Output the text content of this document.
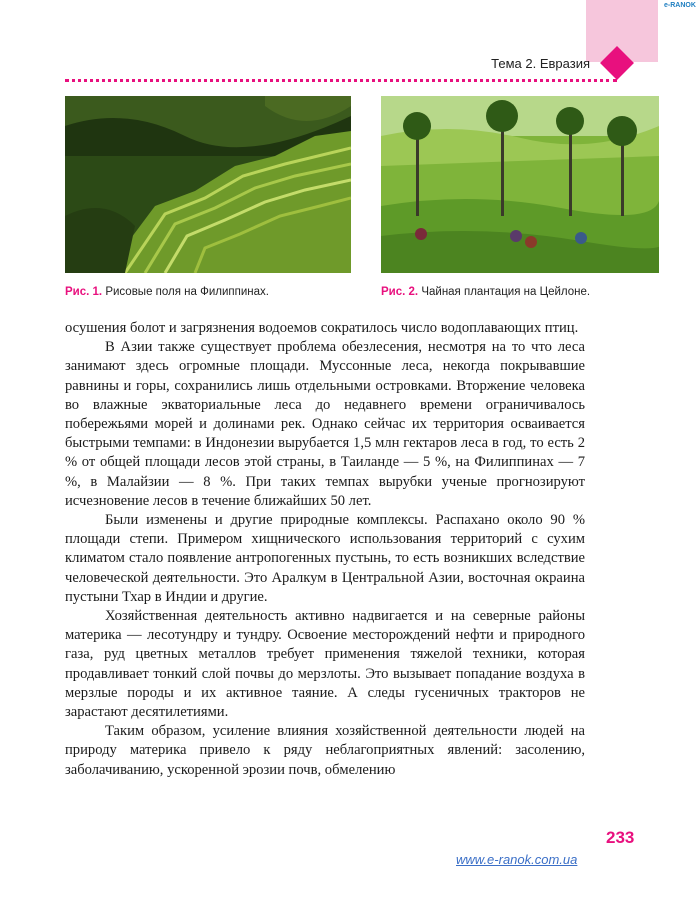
e-RANOK
Тема 2. Евразия
Рис. 1. Рисовые поля на Филиппинах.	Рис. 2. Чайная плантация на Цейлоне.

осушения болот и загрязнения водоемов сократилось число водоплавающих птиц.

В Азии также существует проблема обезлесения, несмотря на то что леса занимают здесь огромные площади. Муссонные леса, некогда покрывавшие равнины и горы, сохранились лишь отдельными островками. Вторжение человека во влажные экваториальные леса до недавнего времени ограничивалось побережьями морей и долинами рек. Однако сейчас их территория осваивается быстрыми темпами: в Индонезии вырубается 1,5 млн гектаров леса в год, то есть 2 % от общей площади лесов этой страны, в Таиланде — 5 %, на Филиппинах — 7 %, в Малайзии — 8 %. При таких темпах вырубки ученые прогнозируют исчезновение лесов в течение ближайших 50 лет.

Были изменены и другие природные комплексы. Распахано около 90 % площади степи. Примером хищнического использования территорий с сухим климатом стало появление антропогенных пустынь, то есть возникших вследствие человеческой деятельности. Это Аралкум в Центральной Азии, восточная окраина пустыни Тхар в Индии и другие.

Хозяйственная деятельность активно надвигается и на северные районы материка — лесотундру и тундру. Освоение месторождений нефти и природного газа, руд цветных металлов требует применения тяжелой техники, которая продавливает тонкий слой почвы до мерзлоты. Это вызывает попадание воздуха в мерзлые породы и их активное таяние. А следы гусеничных тракторов не зарастают десятилетиями.

Таким образом, усиление влияния хозяйственной деятельности людей на природу материка привело к ряду неблагоприятных явлений: засолению, заболачиванию, ускоренной эрозии почв, обмелению

233
www.e-ranok.com.ua
